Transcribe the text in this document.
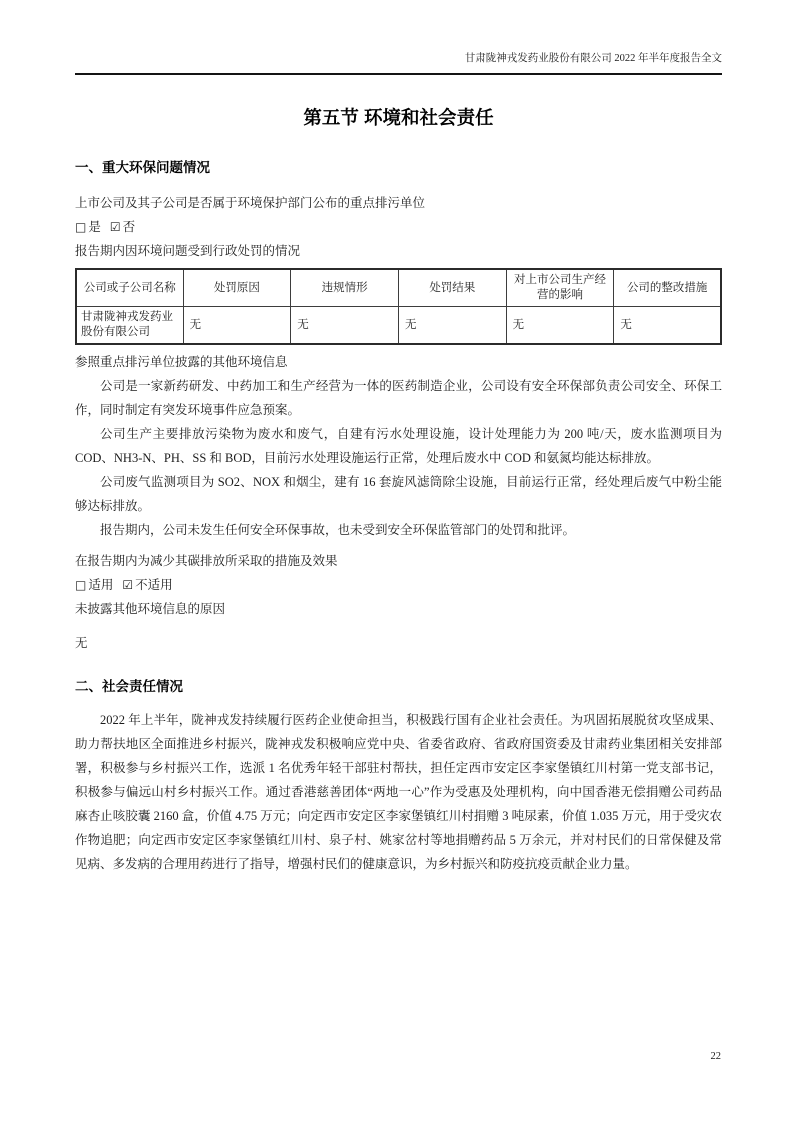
甘肃陇神戎发药业股份有限公司 2022 年半年度报告全文
第五节 环境和社会责任
一、重大环保问题情况

上市公司及其子公司是否属于环境保护部门公布的重点排污单位

□ 是 ☑ 否

报告期内因环境问题受到行政处罚的情况

公司或子公司名称	处罚原因	违规情形	处罚结果	对上市公司生产经营的影响	公司的整改措施
甘肃陇神戎发药业股份有限公司	无	无	无	无	无

参照重点排污单位披露的其他环境信息

公司是一家新药研发、中药加工和生产经营为一体的医药制造企业，公司设有安全环保部负责公司安全、环保工作，同时制定有突发环境事件应急预案。

公司生产主要排放污染物为废水和废气，自建有污水处理设施，设计处理能力为 200 吨/天，废水监测项目为 COD、NH3-N、PH、SS 和 BOD，目前污水处理设施运行正常，处理后废水中 COD 和氨氮均能达标排放。

公司废气监测项目为 SO2、NOX 和烟尘，建有 16 套旋风滤筒除尘设施，目前运行正常，经处理后废气中粉尘能够达标排放。

报告期内，公司未发生任何安全环保事故，也未受到安全环保监管部门的处罚和批评。

在报告期内为减少其碳排放所采取的措施及效果

□ 适用 ☑ 不适用

未披露其他环境信息的原因

无

二、社会责任情况

2022 年上半年，陇神戎发持续履行医药企业使命担当，积极践行国有企业社会责任。为巩固拓展脱贫攻坚成果、助力帮扶地区全面推进乡村振兴，陇神戎发积极响应党中央、省委省政府、省政府国资委及甘肃药业集团相关安排部署，积极参与乡村振兴工作，选派 1 名优秀年轻干部驻村帮扶，担任定西市安定区李家堡镇红川村第一党支部书记，积极参与偏远山村乡村振兴工作。通过香港慈善团体“两地一心”作为受惠及处理机构，向中国香港无偿捐赠公司药品麻杏止咳胶囊 2160 盒，价值 4.75 万元；向定西市安定区李家堡镇红川村捐赠 3 吨尿素，价值 1.035 万元，用于受灾农作物追肥；向定西市安定区李家堡镇红川村、泉子村、姚家岔村等地捐赠药品 5 万余元，并对村民们的日常保健及常见病、多发病的合理用药进行了指导，增强村民们的健康意识，为乡村振兴和防疫抗疫贡献企业力量。

22
